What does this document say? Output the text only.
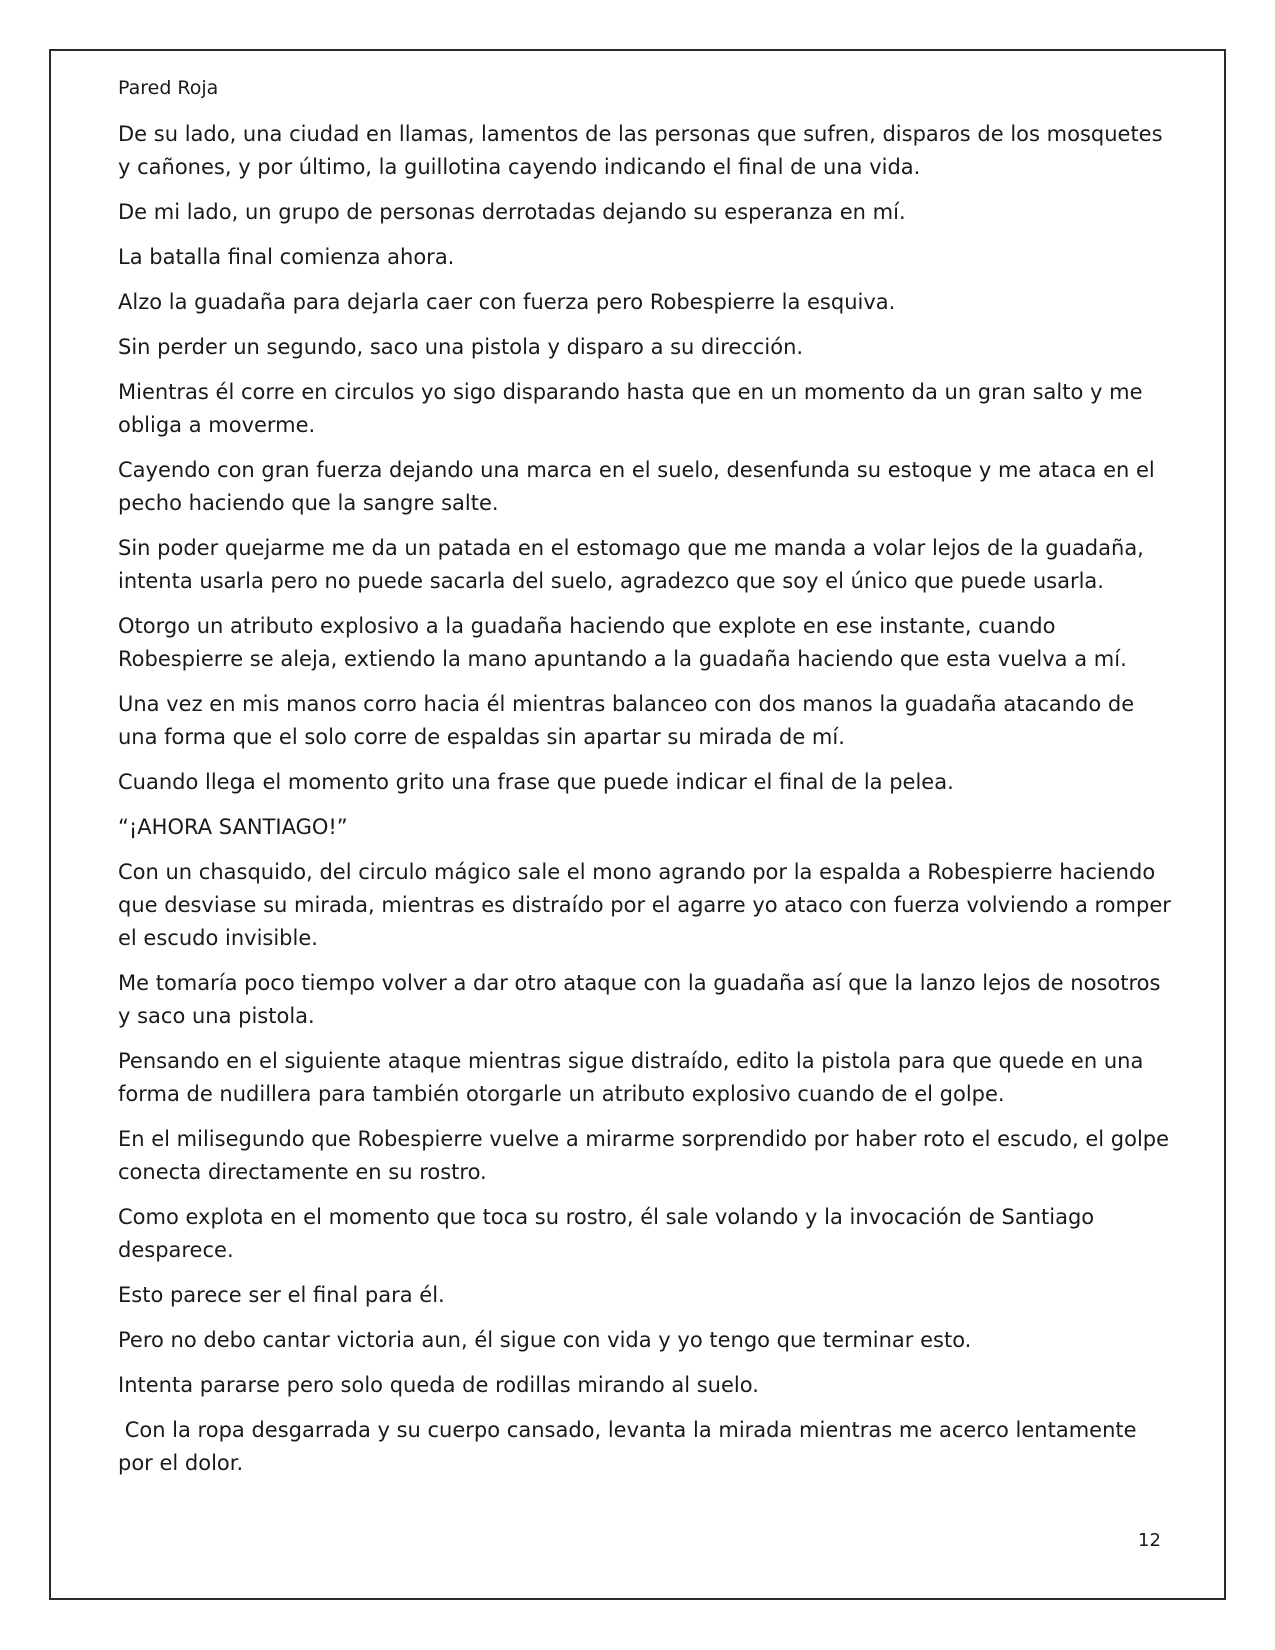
Pared Roja

De su lado, una ciudad en llamas, lamentos de las personas que sufren, disparos de los mosquetes y cañones, y por último, la guillotina cayendo indicando el final de una vida.

De mi lado, un grupo de personas derrotadas dejando su esperanza en mí.

La batalla final comienza ahora.

Alzo la guadaña para dejarla caer con fuerza pero Robespierre la esquiva.

Sin perder un segundo, saco una pistola y disparo a su dirección.

Mientras él corre en circulos yo sigo disparando hasta que en un momento da un gran salto y me obliga a moverme.

Cayendo con gran fuerza dejando una marca en el suelo, desenfunda su estoque y me ataca en el pecho haciendo que la sangre salte.

Sin poder quejarme me da un patada en el estomago que me manda a volar lejos de la guadaña, intenta usarla pero no puede sacarla del suelo, agradezco que soy el único que puede usarla.

Otorgo un atributo explosivo a la guadaña haciendo que explote en ese instante, cuando Robespierre se aleja, extiendo la mano apuntando a la guadaña haciendo que esta vuelva a mí.

Una vez en mis manos corro hacia él mientras balanceo con dos manos la guadaña atacando de una forma que el solo corre de espaldas sin apartar su mirada de mí.

Cuando llega el momento grito una frase que puede indicar el final de la pelea.

“¡AHORA SANTIAGO!”

Con un chasquido, del circulo mágico sale el mono agrando por la espalda a Robespierre haciendo que desviase su mirada, mientras es distraído por el agarre yo ataco con fuerza volviendo a romper el escudo invisible.

Me tomaría poco tiempo volver a dar otro ataque con la guadaña así que la lanzo lejos de nosotros y saco una pistola.

Pensando en el siguiente ataque mientras sigue distraído, edito la pistola para que quede en una forma de nudillera para también otorgarle un atributo explosivo cuando de el golpe.

En el milisegundo que Robespierre vuelve a mirarme sorprendido por haber roto el escudo, el golpe conecta directamente en su rostro.

Como explota en el momento que toca su rostro, él sale volando y la invocación de Santiago desparece.

Esto parece ser el final para él.

Pero no debo cantar victoria aun, él sigue con vida y yo tengo que terminar esto.

Intenta pararse pero solo queda de rodillas mirando al suelo.

Con la ropa desgarrada y su cuerpo cansado, levanta la mirada mientras me acerco lentamente por el dolor.

12
